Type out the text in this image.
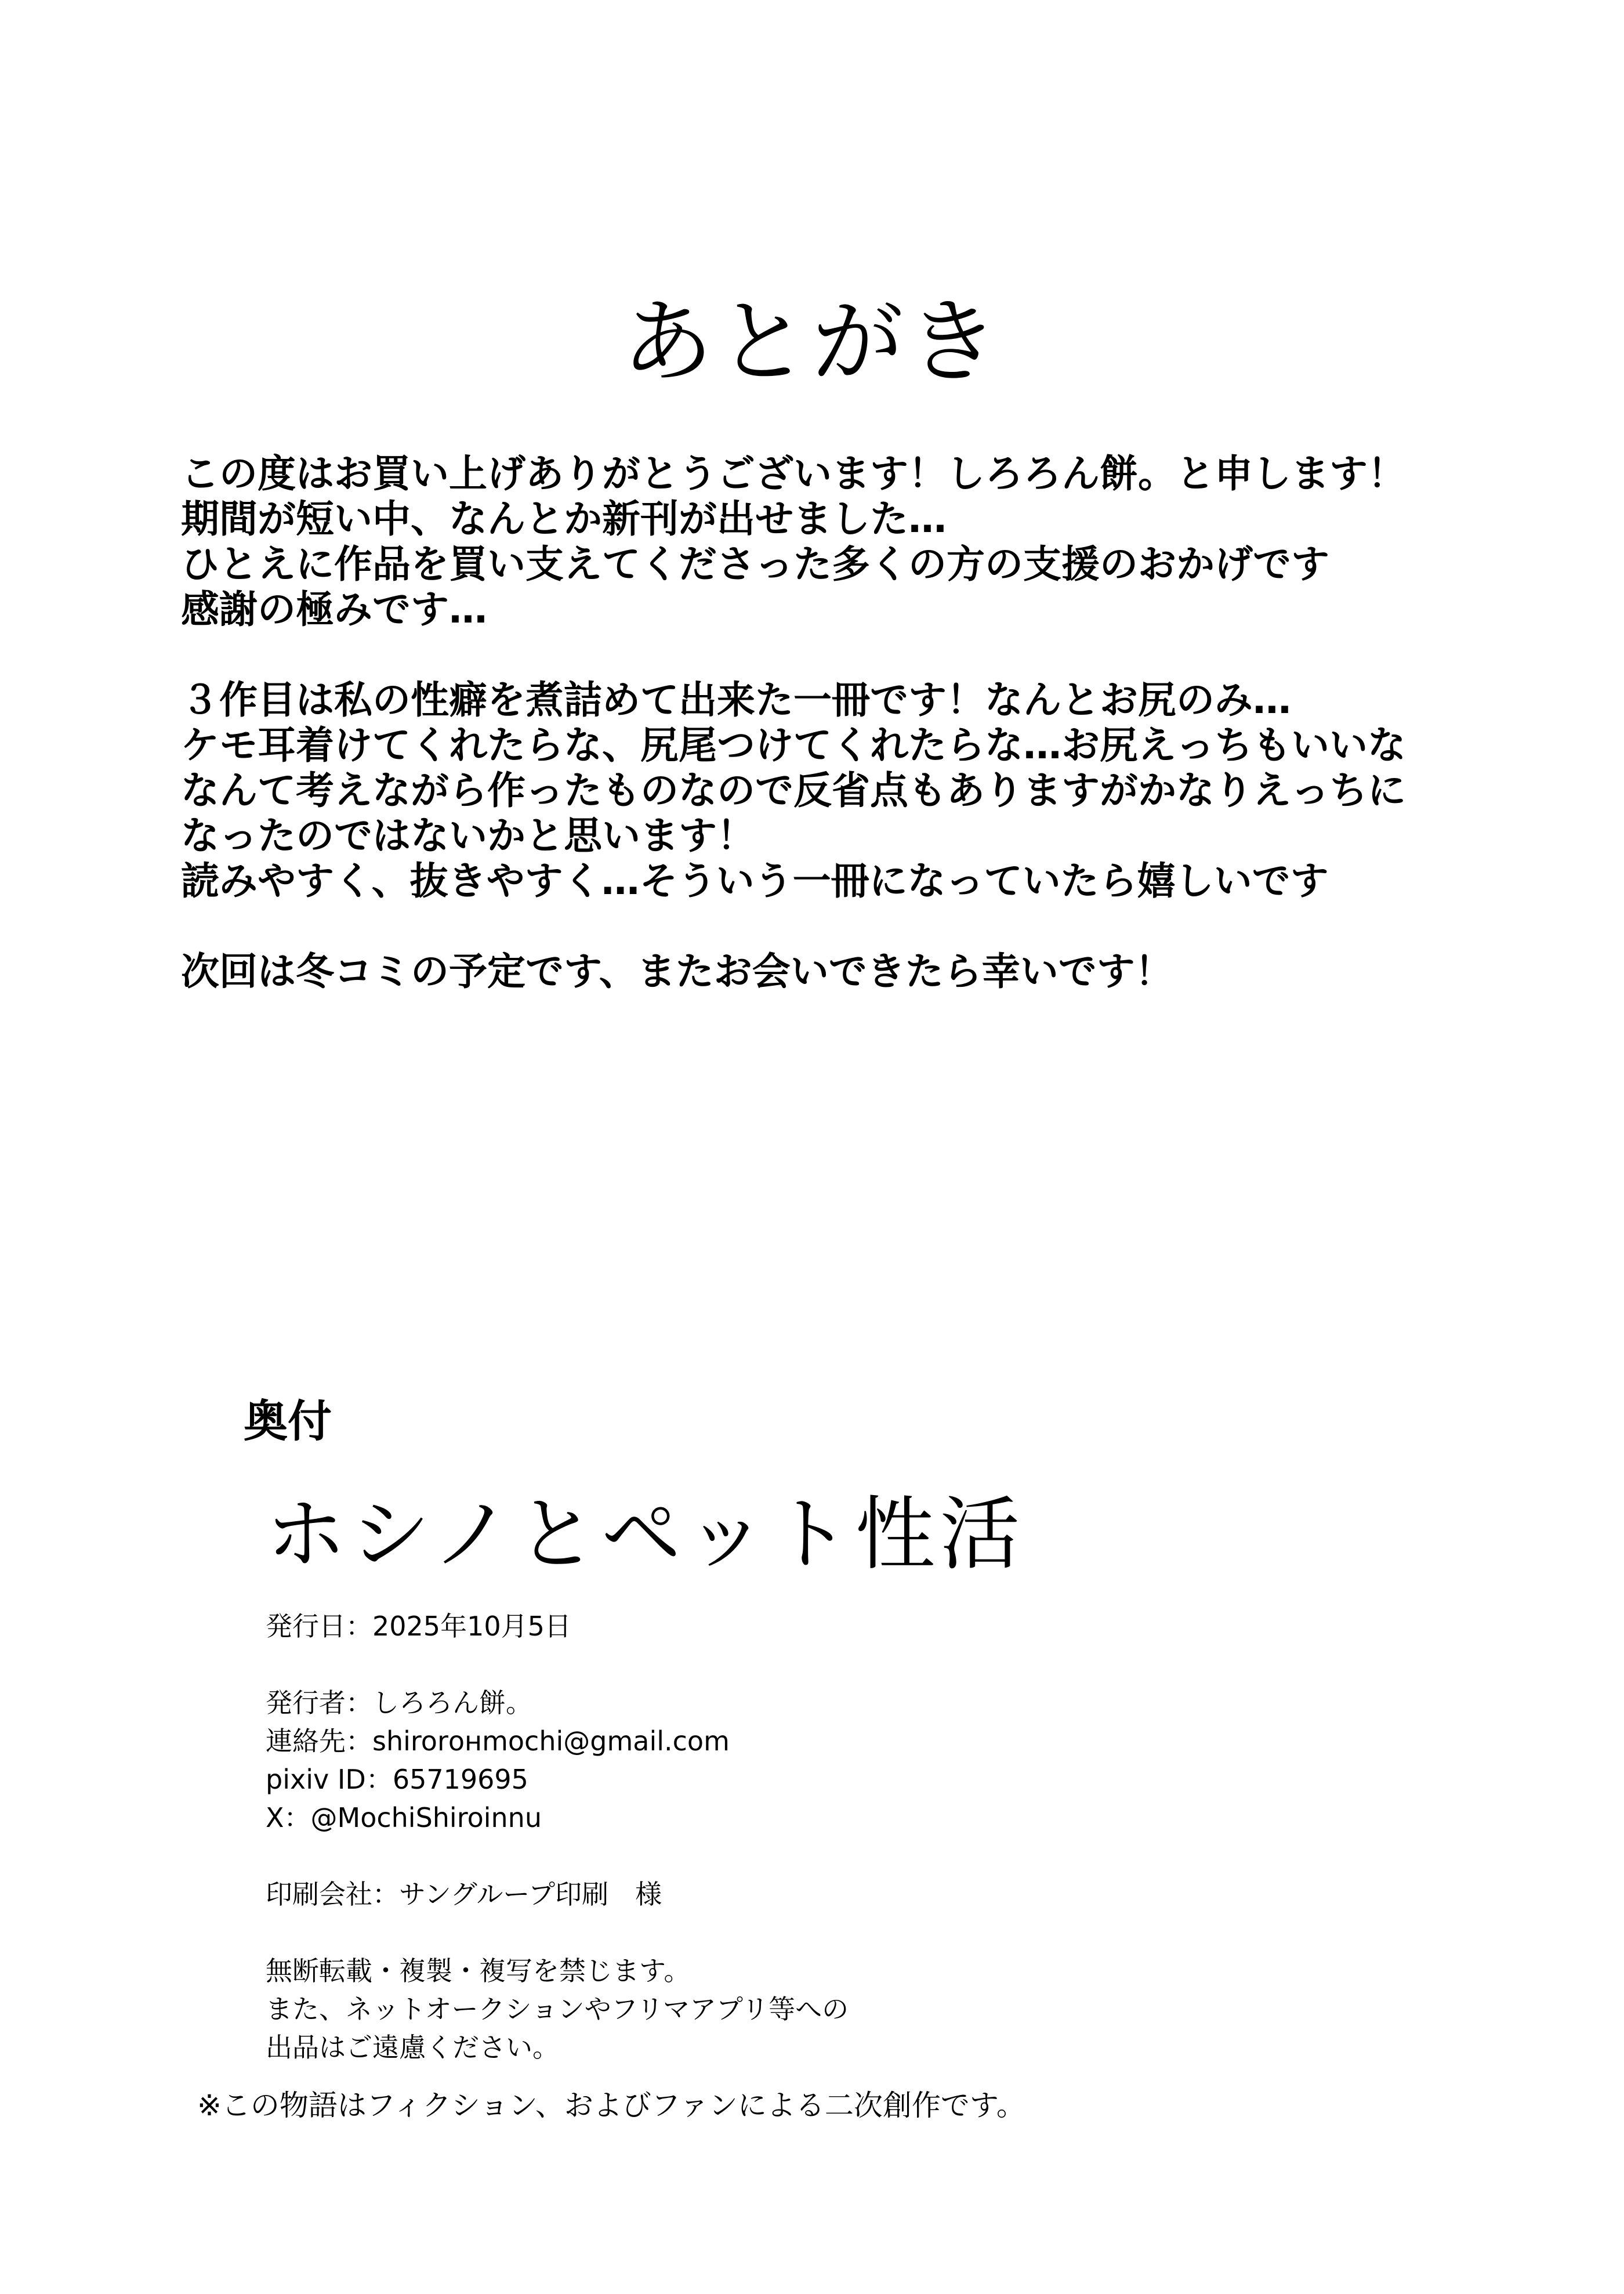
あとがき
この度はお買い上げありがとうございます！しろろん餅。と申します！
期間が短い中、なんとか新刊が出せました…
ひとえに作品を買い支えてくださった多くの方の支援のおかげです
感謝の極みです…
３作目は私の性癖を煮詰めて出来た一冊です！なんとお尻のみ…
ケモ耳着けてくれたらな、尻尾つけてくれたらな…お尻えっちもいいな
なんて考えながら作ったものなので反省点もありますがかなりえっちに
なったのではないかと思います！
読みやすく、抜きやすく…そういう一冊になっていたら嬉しいです
次回は冬コミの予定です、またお会いできたら幸いです！
奥付
ホシノとペット性活
発行日：2025年10月5日
発行者：しろろん餅。
連絡先：shirorонmochi@gmail.com
pixiv ID：65719695
X：@MochiShiroinnu
印刷会社：サングループ印刷　様
無断転載・複製・複写を禁じます。
また、ネットオークションやフリマアプリ等への
出品はご遠慮ください。
※この物語はフィクション、およびファンによる二次創作です。
